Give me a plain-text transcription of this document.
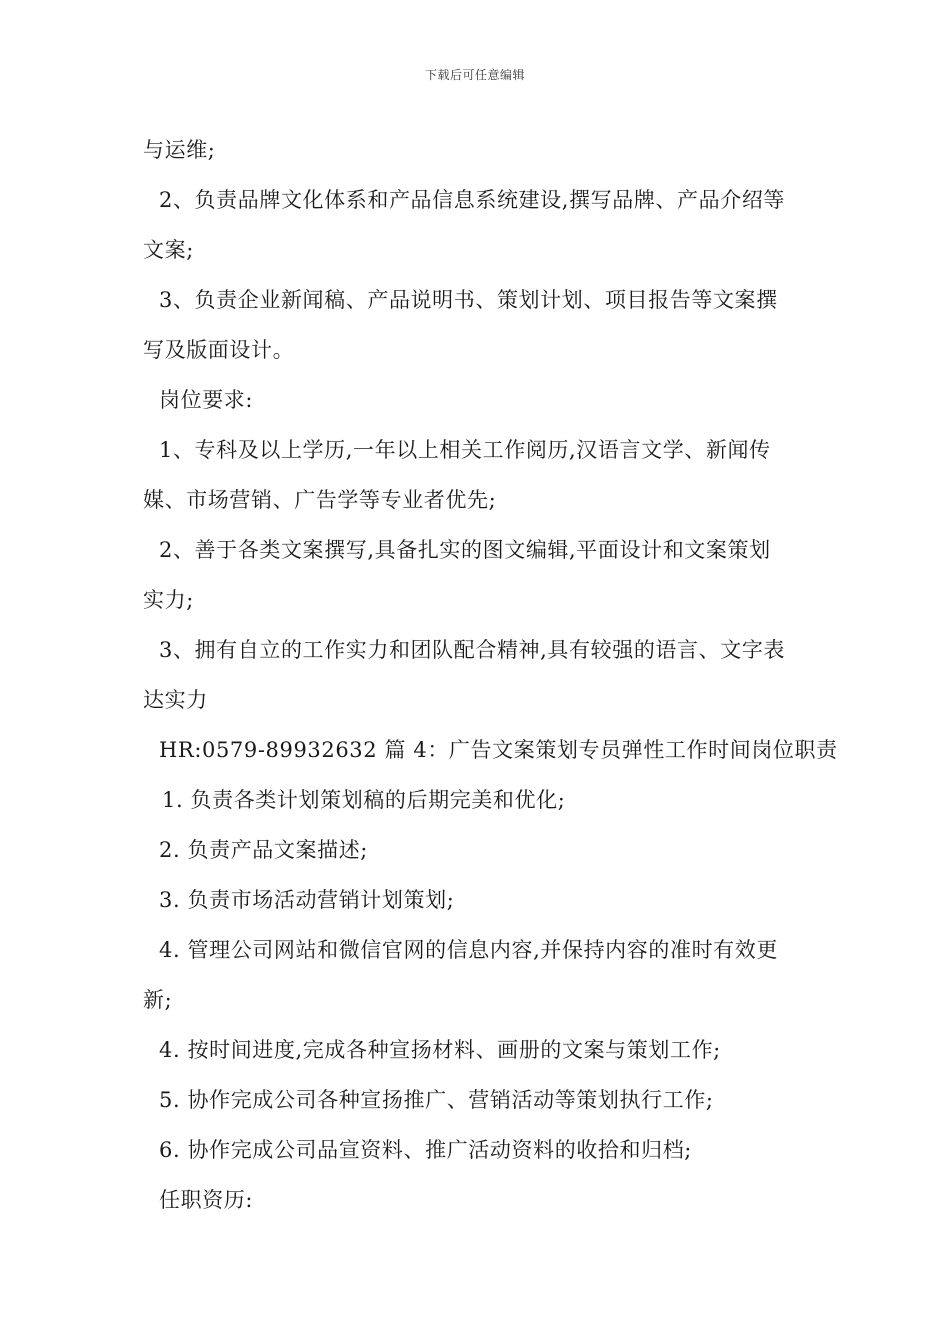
下载后可任意编辑
与运维;
2、负责品牌文化体系和产品信息系统建设,撰写品牌、产品介绍等
文案;
3、负责企业新闻稿、产品说明书、策划计划、项目报告等文案撰
写及版面设计。
岗位要求:
1、专科及以上学历,一年以上相关工作阅历,汉语言文学、新闻传
媒、市场营销、广告学等专业者优先;
2、善于各类文案撰写,具备扎实的图文编辑,平面设计和文案策划
实力;
3、拥有自立的工作实力和团队配合精神,具有较强的语言、文字表
达实力
HR:0579-89932632 篇 4：广告文案策划专员弹性工作时间岗位职责
1. 负责各类计划策划稿的后期完美和优化;
2. 负责产品文案描述;
3. 负责市场活动营销计划策划;
4. 管理公司网站和微信官网的信息内容,并保持内容的准时有效更
新;
4. 按时间进度,完成各种宣扬材料、画册的文案与策划工作;
5. 协作完成公司各种宣扬推广、营销活动等策划执行工作;
6. 协作完成公司品宣资料、推广活动资料的收拾和归档;
任职资历:
